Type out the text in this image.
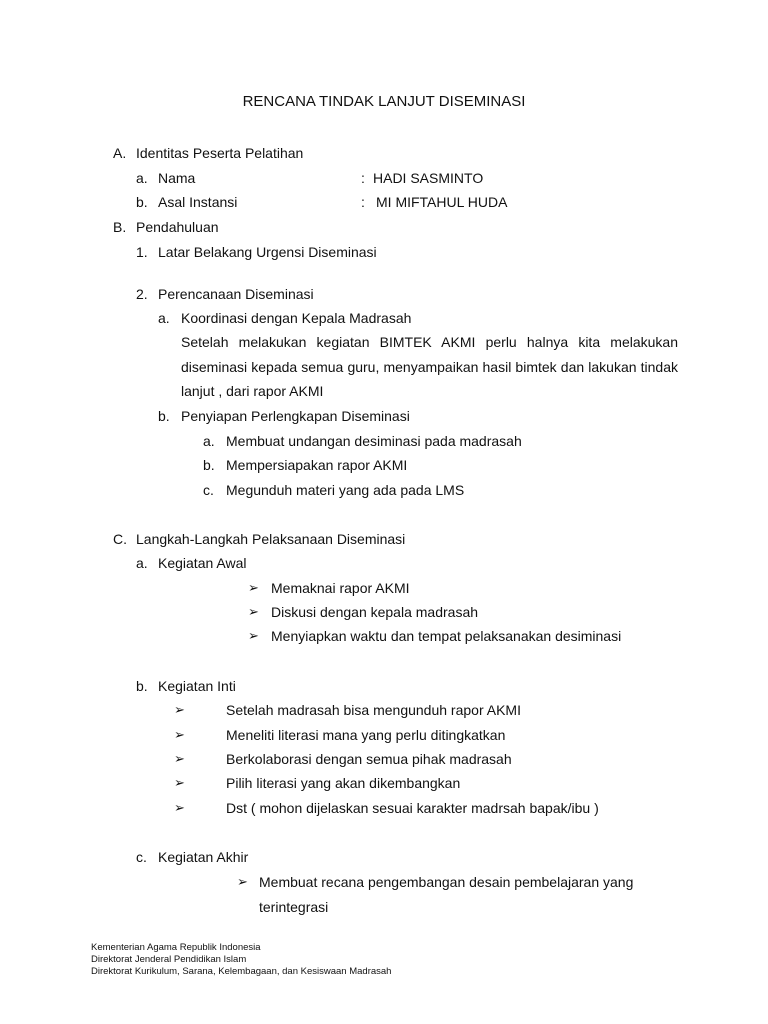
RENCANA TINDAK LANJUT DISEMINASI
A. Identitas Peserta Pelatihan
a. Nama	: HADI SASMINTO
b. Asal Instansi	: MI MIFTAHUL HUDA
B. Pendahuluan
1. Latar Belakang Urgensi Diseminasi
2. Perencanaan Diseminasi
a. Koordinasi dengan Kepala Madrasah
Setelah melakukan kegiatan BIMTEK AKMI perlu halnya kita melakukan
diseminasi kepada semua guru, menyampaikan hasil bimtek dan lakukan tindak
lanjut , dari rapor AKMI
b. Penyiapan Perlengkapan Diseminasi
a. Membuat undangan desiminasi pada madrasah
b. Mempersiapakan rapor AKMI
c. Megunduh materi yang ada pada LMS
C. Langkah-Langkah Pelaksanaan Diseminasi
a. Kegiatan Awal
➢ Memaknai rapor AKMI
➢ Diskusi dengan kepala madrasah
➢ Menyiapkan waktu dan tempat pelaksanakan desiminasi
b. Kegiatan Inti
➢	Setelah madrasah bisa mengunduh rapor AKMI
➢	Meneliti literasi mana yang perlu ditingkatkan
➢	Berkolaborasi dengan semua pihak madrasah
➢	Pilih literasi yang akan dikembangkan
➢	Dst ( mohon dijelaskan sesuai karakter madrsah bapak/ibu )
c. Kegiatan Akhir
➢ Membuat recana pengembangan desain pembelajaran yang
terintegrasi
Kementerian Agama Republik Indonesia
Direktorat Jenderal Pendidikan Islam
Direktorat Kurikulum, Sarana, Kelembagaan, dan Kesiswaan Madrasah
